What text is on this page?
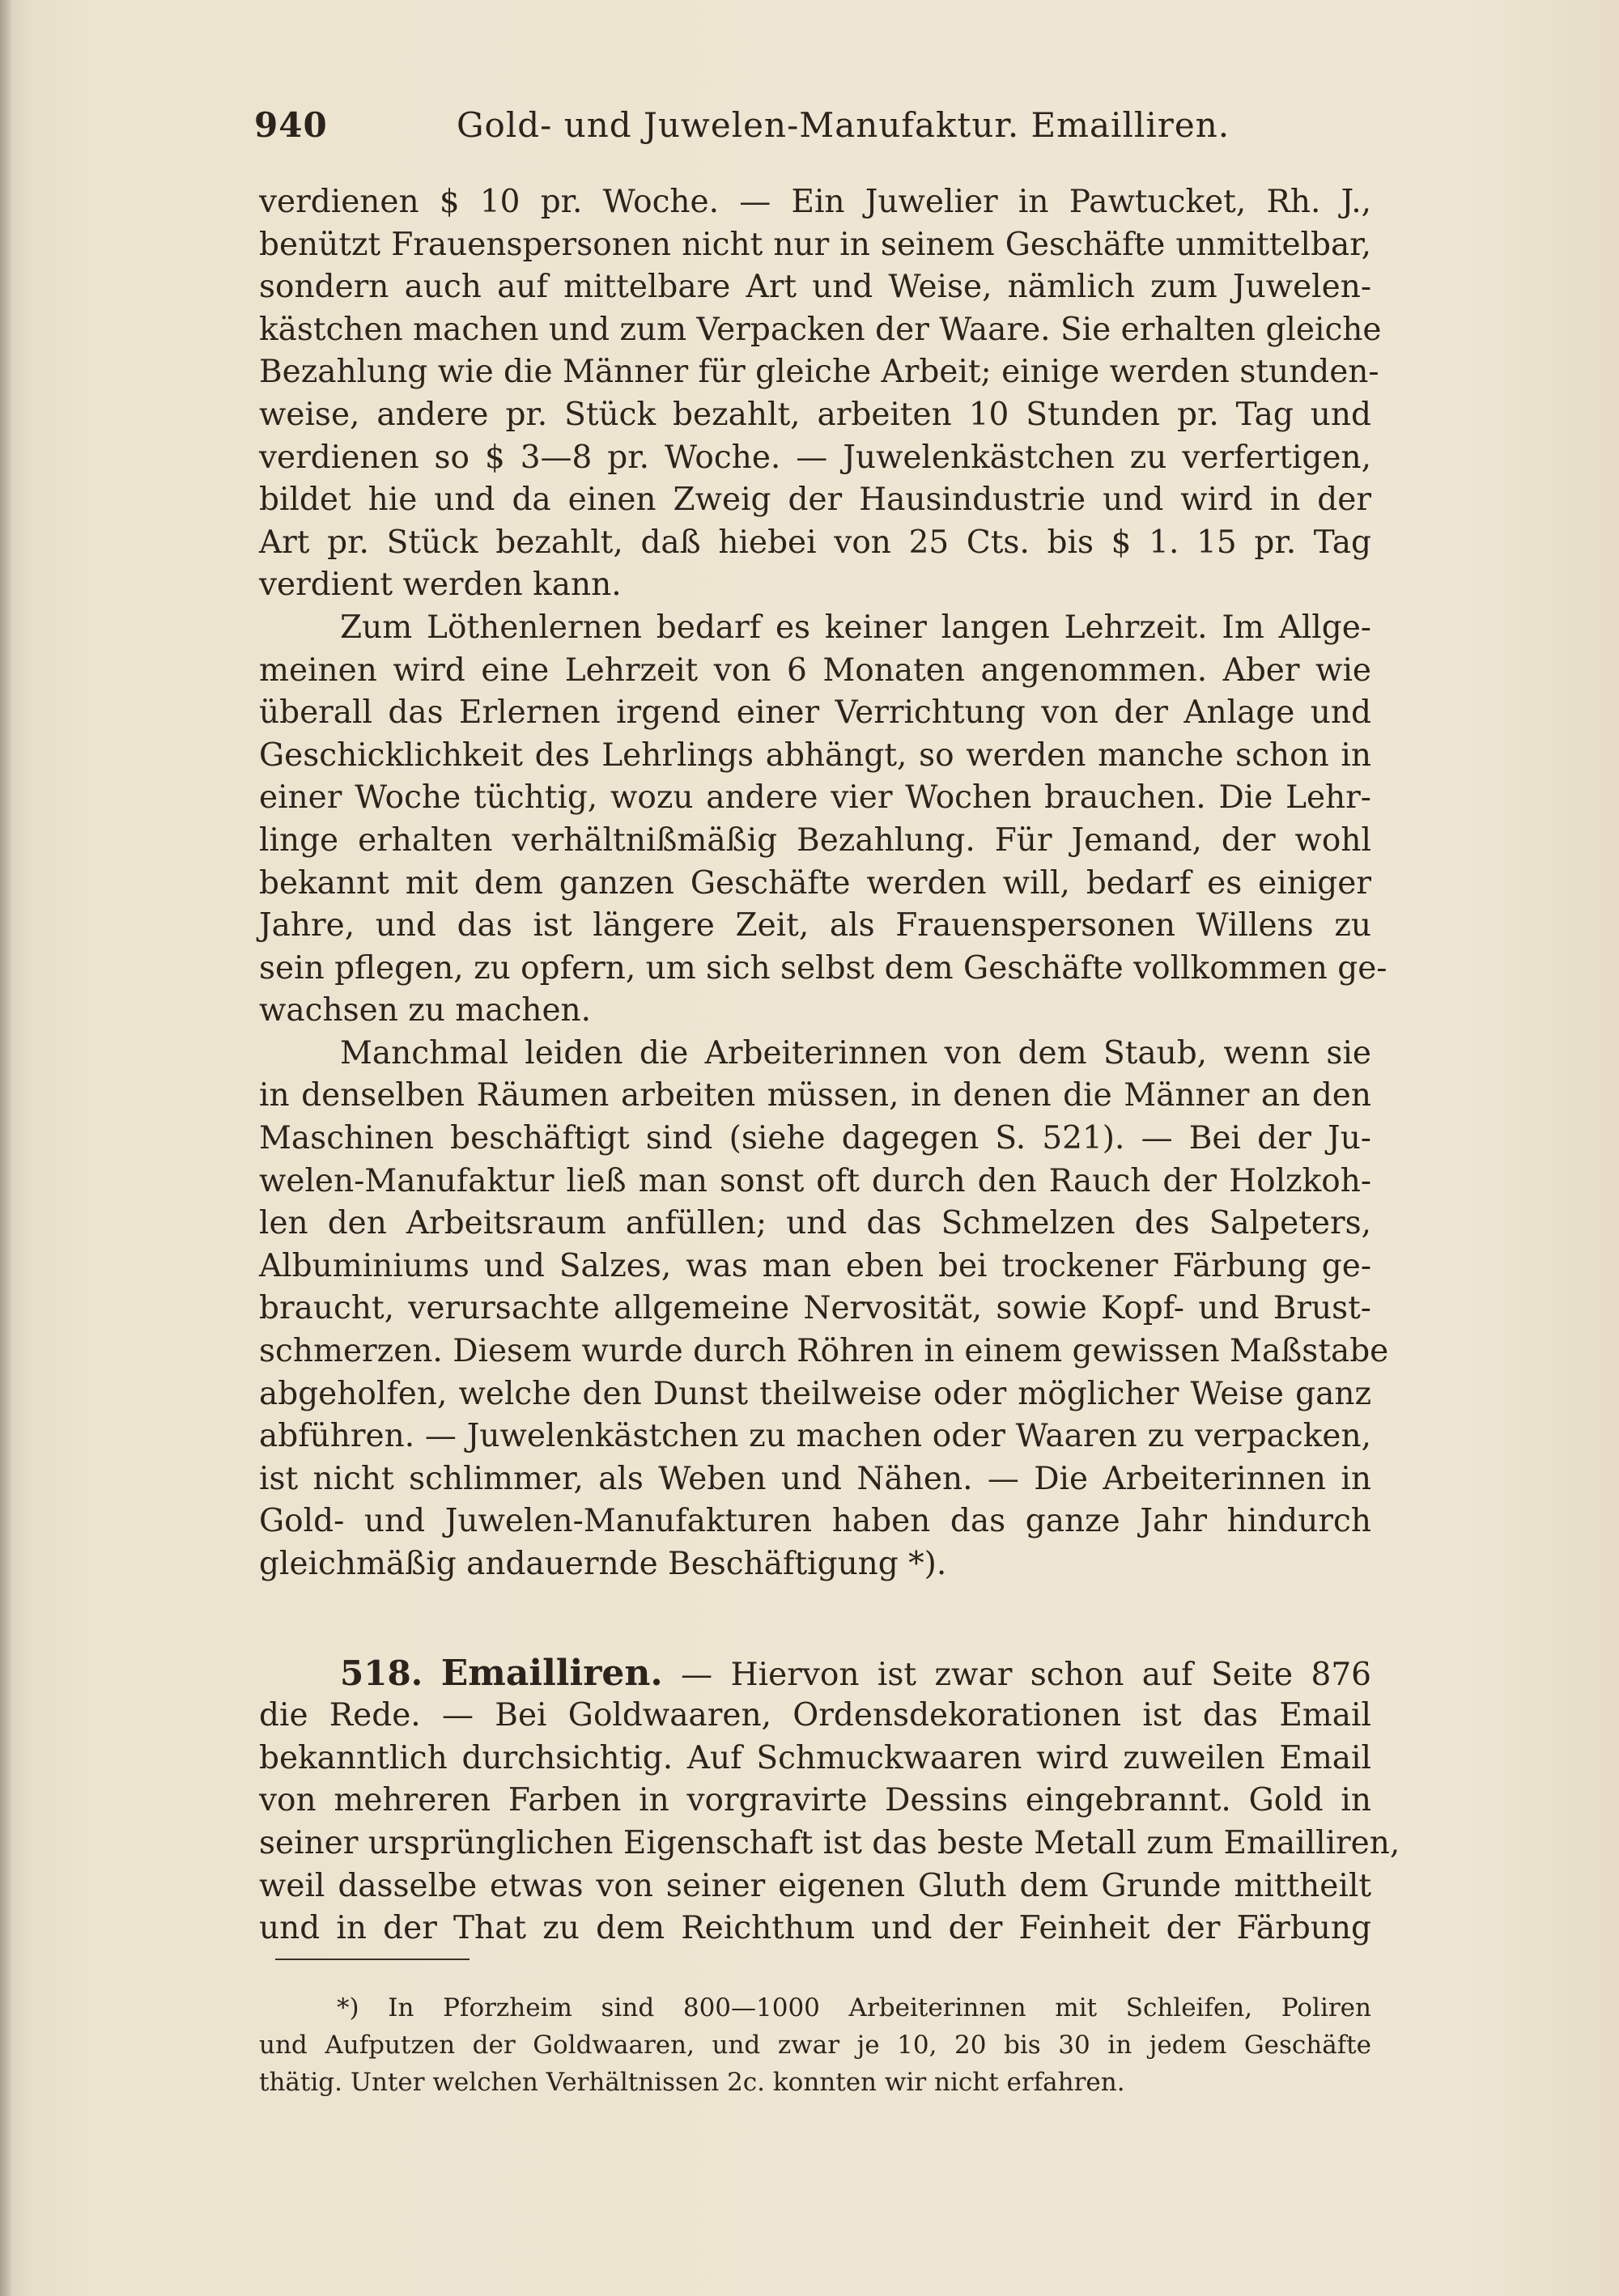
940	Gold- und Juwelen-Manufaktur. Emailliren.
verdienen $ 10 pr. Woche. — Ein Juwelier in Pawtucket, Rh. J.,
benützt Frauenspersonen nicht nur in seinem Geschäfte unmittelbar,
sondern auch auf mittelbare Art und Weise, nämlich zum Juwelen-
kästchen machen und zum Verpacken der Waare. Sie erhalten gleiche
Bezahlung wie die Männer für gleiche Arbeit; einige werden stunden-
weise, andere pr. Stück bezahlt, arbeiten 10 Stunden pr. Tag und
verdienen so $ 3—8 pr. Woche. — Juwelenkästchen zu verfertigen,
bildet hie und da einen Zweig der Hausindustrie und wird in der
Art pr. Stück bezahlt, daß hiebei von 25 Cts. bis $ 1. 15 pr. Tag
verdient werden kann.
Zum Löthenlernen bedarf es keiner langen Lehrzeit. Im Allge-
meinen wird eine Lehrzeit von 6 Monaten angenommen. Aber wie
überall das Erlernen irgend einer Verrichtung von der Anlage und
Geschicklichkeit des Lehrlings abhängt, so werden manche schon in
einer Woche tüchtig, wozu andere vier Wochen brauchen. Die Lehr-
linge erhalten verhältnißmäßig Bezahlung. Für Jemand, der wohl
bekannt mit dem ganzen Geschäfte werden will, bedarf es einiger
Jahre, und das ist längere Zeit, als Frauenspersonen Willens zu
sein pflegen, zu opfern, um sich selbst dem Geschäfte vollkommen ge-
wachsen zu machen.
Manchmal leiden die Arbeiterinnen von dem Staub, wenn sie
in denselben Räumen arbeiten müssen, in denen die Männer an den
Maschinen beschäftigt sind (siehe dagegen S. 521). — Bei der Ju-
welen-Manufaktur ließ man sonst oft durch den Rauch der Holzkoh-
len den Arbeitsraum anfüllen; und das Schmelzen des Salpeters,
Albuminiums und Salzes, was man eben bei trockener Färbung ge-
braucht, verursachte allgemeine Nervosität, sowie Kopf- und Brust-
schmerzen. Diesem wurde durch Röhren in einem gewissen Maßstabe
abgeholfen, welche den Dunst theilweise oder möglicher Weise ganz
abführen. — Juwelenkästchen zu machen oder Waaren zu verpacken,
ist nicht schlimmer, als Weben und Nähen. — Die Arbeiterinnen in
Gold- und Juwelen-Manufakturen haben das ganze Jahr hindurch
gleichmäßig andauernde Beschäftigung *).
518. Emailliren. — Hiervon ist zwar schon auf Seite 876
die Rede. — Bei Goldwaaren, Ordensdekorationen ist das Email
bekanntlich durchsichtig. Auf Schmuckwaaren wird zuweilen Email
von mehreren Farben in vorgravirte Dessins eingebrannt. Gold in
seiner ursprünglichen Eigenschaft ist das beste Metall zum Emailliren,
weil dasselbe etwas von seiner eigenen Gluth dem Grunde mittheilt
und in der That zu dem Reichthum und der Feinheit der Färbung
*) In Pforzheim sind 800—1000 Arbeiterinnen mit Schleifen, Poliren
und Aufputzen der Goldwaaren, und zwar je 10, 20 bis 30 in jedem Geschäfte
thätig. Unter welchen Verhältnissen 2c. konnten wir nicht erfahren.
